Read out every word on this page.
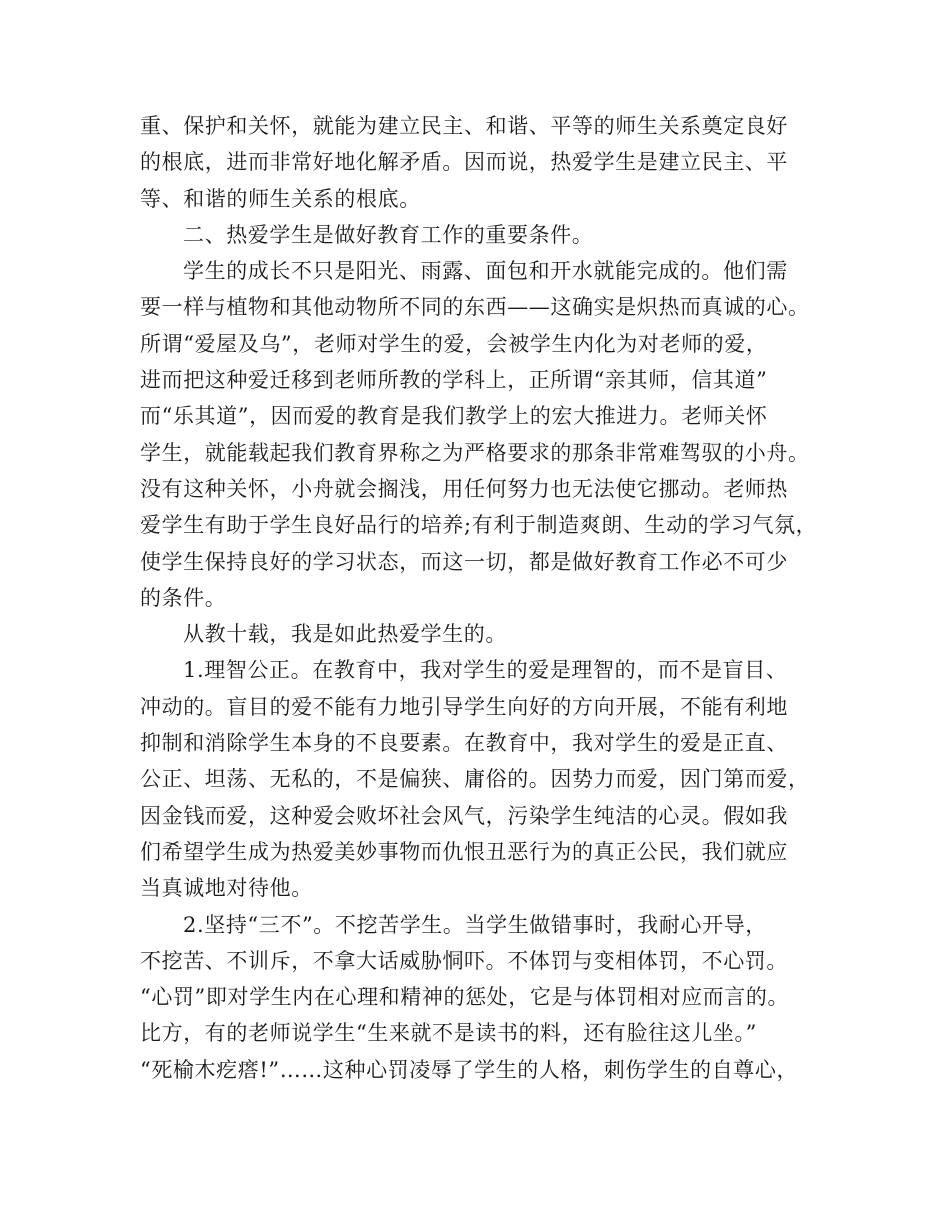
重、保护和关怀，就能为建立民主、和谐、平等的师生关系奠定良好
的根底，进而非常好地化解矛盾。因而说，热爱学生是建立民主、平
等、和谐的师生关系的根底。
二、热爱学生是做好教育工作的重要条件。
学生的成长不只是阳光、雨露、面包和开水就能完成的。他们需
要一样与植物和其他动物所不同的东西——这确实是炽热而真诚的心。
所谓“爱屋及乌”，老师对学生的爱，会被学生内化为对老师的爱，
进而把这种爱迁移到老师所教的学科上，正所谓“亲其师，信其道”
而“乐其道”，因而爱的教育是我们教学上的宏大推进力。老师关怀
学生，就能载起我们教育界称之为严格要求的那条非常难驾驭的小舟。
没有这种关怀，小舟就会搁浅，用任何努力也无法使它挪动。老师热
爱学生有助于学生良好品行的培养;有利于制造爽朗、生动的学习气氛，
使学生保持良好的学习状态，而这一切，都是做好教育工作必不可少
的条件。
从教十载，我是如此热爱学生的。
1.理智公正。在教育中，我对学生的爱是理智的，而不是盲目、
冲动的。盲目的爱不能有力地引导学生向好的方向开展，不能有利地
抑制和消除学生本身的不良要素。在教育中，我对学生的爱是正直、
公正、坦荡、无私的，不是偏狭、庸俗的。因势力而爱，因门第而爱，
因金钱而爱，这种爱会败坏社会风气，污染学生纯洁的心灵。假如我
们希望学生成为热爱美妙事物而仇恨丑恶行为的真正公民，我们就应
当真诚地对待他。
2.坚持“三不”。不挖苦学生。当学生做错事时，我耐心开导，
不挖苦、不训斥，不拿大话威胁恫吓。不体罚与变相体罚，不心罚。
“心罚”即对学生内在心理和精神的惩处，它是与体罚相对应而言的。
比方，有的老师说学生“生来就不是读书的料，还有脸往这儿坐。”
“死榆木疙瘩!”……这种心罚凌辱了学生的人格，刺伤学生的自尊心，
